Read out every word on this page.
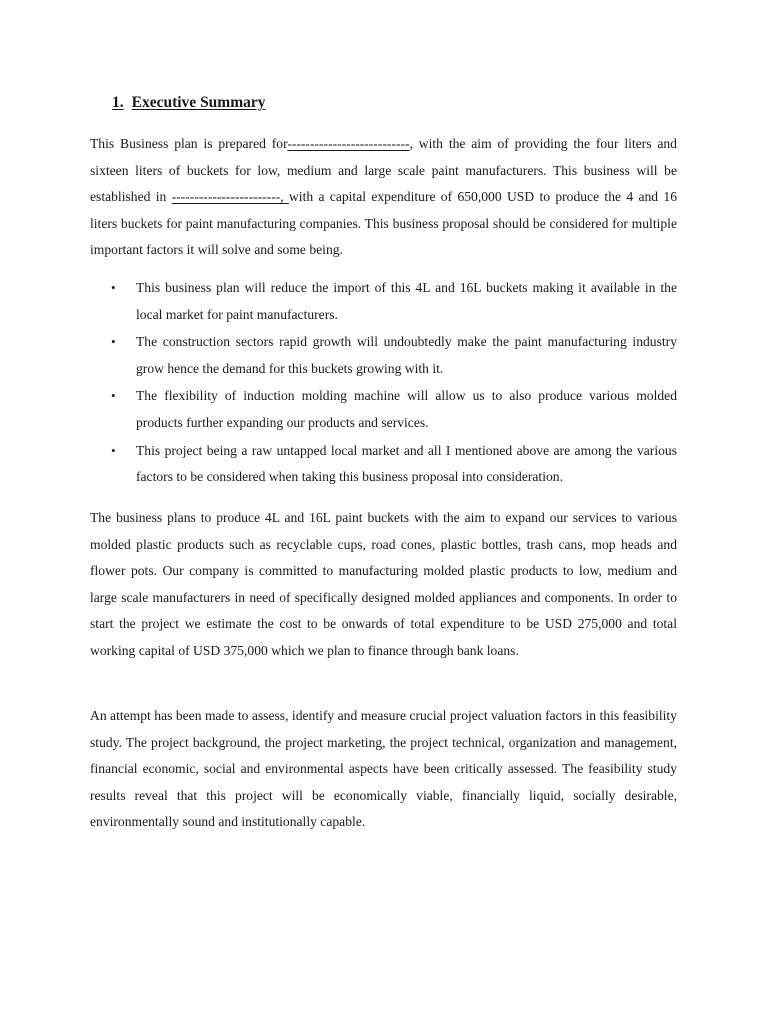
1. Executive Summary

This Business plan is prepared for---------------------------, with the aim of providing the four liters and sixteen liters of buckets for low, medium and large scale paint manufacturers. This business will be established in ------------------------, with a capital expenditure of 650,000 USD to produce the 4 and 16 liters buckets for paint manufacturing companies. This business proposal should be considered for multiple important factors it will solve and some being.

• This business plan will reduce the import of this 4L and 16L buckets making it available in the local market for paint manufacturers.
• The construction sectors rapid growth will undoubtedly make the paint manufacturing industry grow hence the demand for this buckets growing with it.
• The flexibility of induction molding machine will allow us to also produce various molded products further expanding our products and services.
• This project being a raw untapped local market and all I mentioned above are among the various factors to be considered when taking this business proposal into consideration.

The business plans to produce 4L and 16L paint buckets with the aim to expand our services to various molded plastic products such as recyclable cups, road cones, plastic bottles, trash cans, mop heads and flower pots. Our company is committed to manufacturing molded plastic products to low, medium and large scale manufacturers in need of specifically designed molded appliances and components. In order to start the project we estimate the cost to be onwards of total expenditure to be USD 275,000 and total working capital of USD 375,000 which we plan to finance through bank loans.

An attempt has been made to assess, identify and measure crucial project valuation factors in this feasibility study. The project background, the project marketing, the project technical, organization and management, financial economic, social and environmental aspects have been critically assessed. The feasibility study results reveal that this project will be economically viable, financially liquid, socially desirable, environmentally sound and institutionally capable.
